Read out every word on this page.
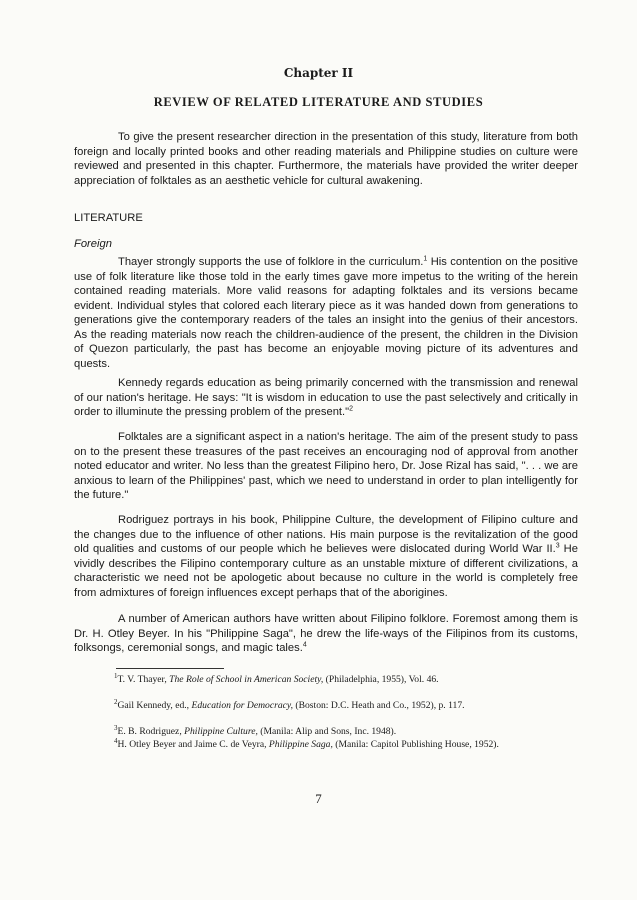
Chapter II
REVIEW OF RELATED LITERATURE AND STUDIES

To give the present researcher direction in the presentation of this study, literature from both foreign and locally printed books and other reading materials and Philippine studies on culture were reviewed and presented in this chapter. Furthermore, the materials have provided the writer deeper appreciation of folktales as an aesthetic vehicle for cultural awakening.

LITERATURE
Foreign

Thayer strongly supports the use of folklore in the curriculum.$^1$ His contention on the positive use of folk literature like those told in the early times gave more impetus to the writing of the herein contained reading materials. More valid reasons for adapting folktales and its versions became evident. Individual styles that colored each literary piece as it was handed down from generations to generations give the contemporary readers of the tales an insight into the genius of their ancestors. As the reading materials now reach the children-audience of the present, the children in the Division of Quezon particularly, the past has become an enjoyable moving picture of its adventures and quests.

Kennedy regards education as being primarily concerned with the transmission and renewal of our nation's heritage. He says: "It is wisdom in education to use the past selectively and critically in order to illuminute the pressing problem of the present."$^2$

Folktales are a significant aspect in a nation's heritage. The aim of the present study to pass on to the present these treasures of the past receives an encouraging nod of approval from another noted educator and writer. No less than the greatest Filipino hero, Dr. Jose Rizal has said, ". . . we are anxious to learn of the Philippines' past, which we need to understand in order to plan intelligently for the future."

Rodriguez portrays in his book, Philippine Culture, the development of Filipino culture and the changes due to the influence of other nations. His main purpose is the revitalization of the good old qualities and customs of our people which he believes were dislocated during World War II.$^3$ He vividly describes the Filipino contemporary culture as an unstable mixture of different civilizations, a characteristic we need not be apologetic about because no culture in the world is completely free from admixtures of foreign influences except perhaps that of the aborigines.

A number of American authors have written about Filipino folklore. Foremost among them is Dr. H. Otley Beyer. In his "Philippine Saga", he drew the life-ways of the Filipinos from its customs, folksongs, ceremonial songs, and magic tales.$^4$

$^1$T. V. Thayer, The Role of School in American Society, (Philadelphia, 1955), Vol. 46.

$^2$Gail Kennedy, ed., Education for Democracy, (Boston: D.C. Heath and Co., 1952), p. 117.

$^3$E. B. Rodriguez, Philippine Culture, (Manila: Alip and Sons, Inc. 1948).

$^4$H. Otley Beyer and Jaime C. de Veyra, Philippine Saga, (Manila: Capitol Publishing House, 1952).

7
